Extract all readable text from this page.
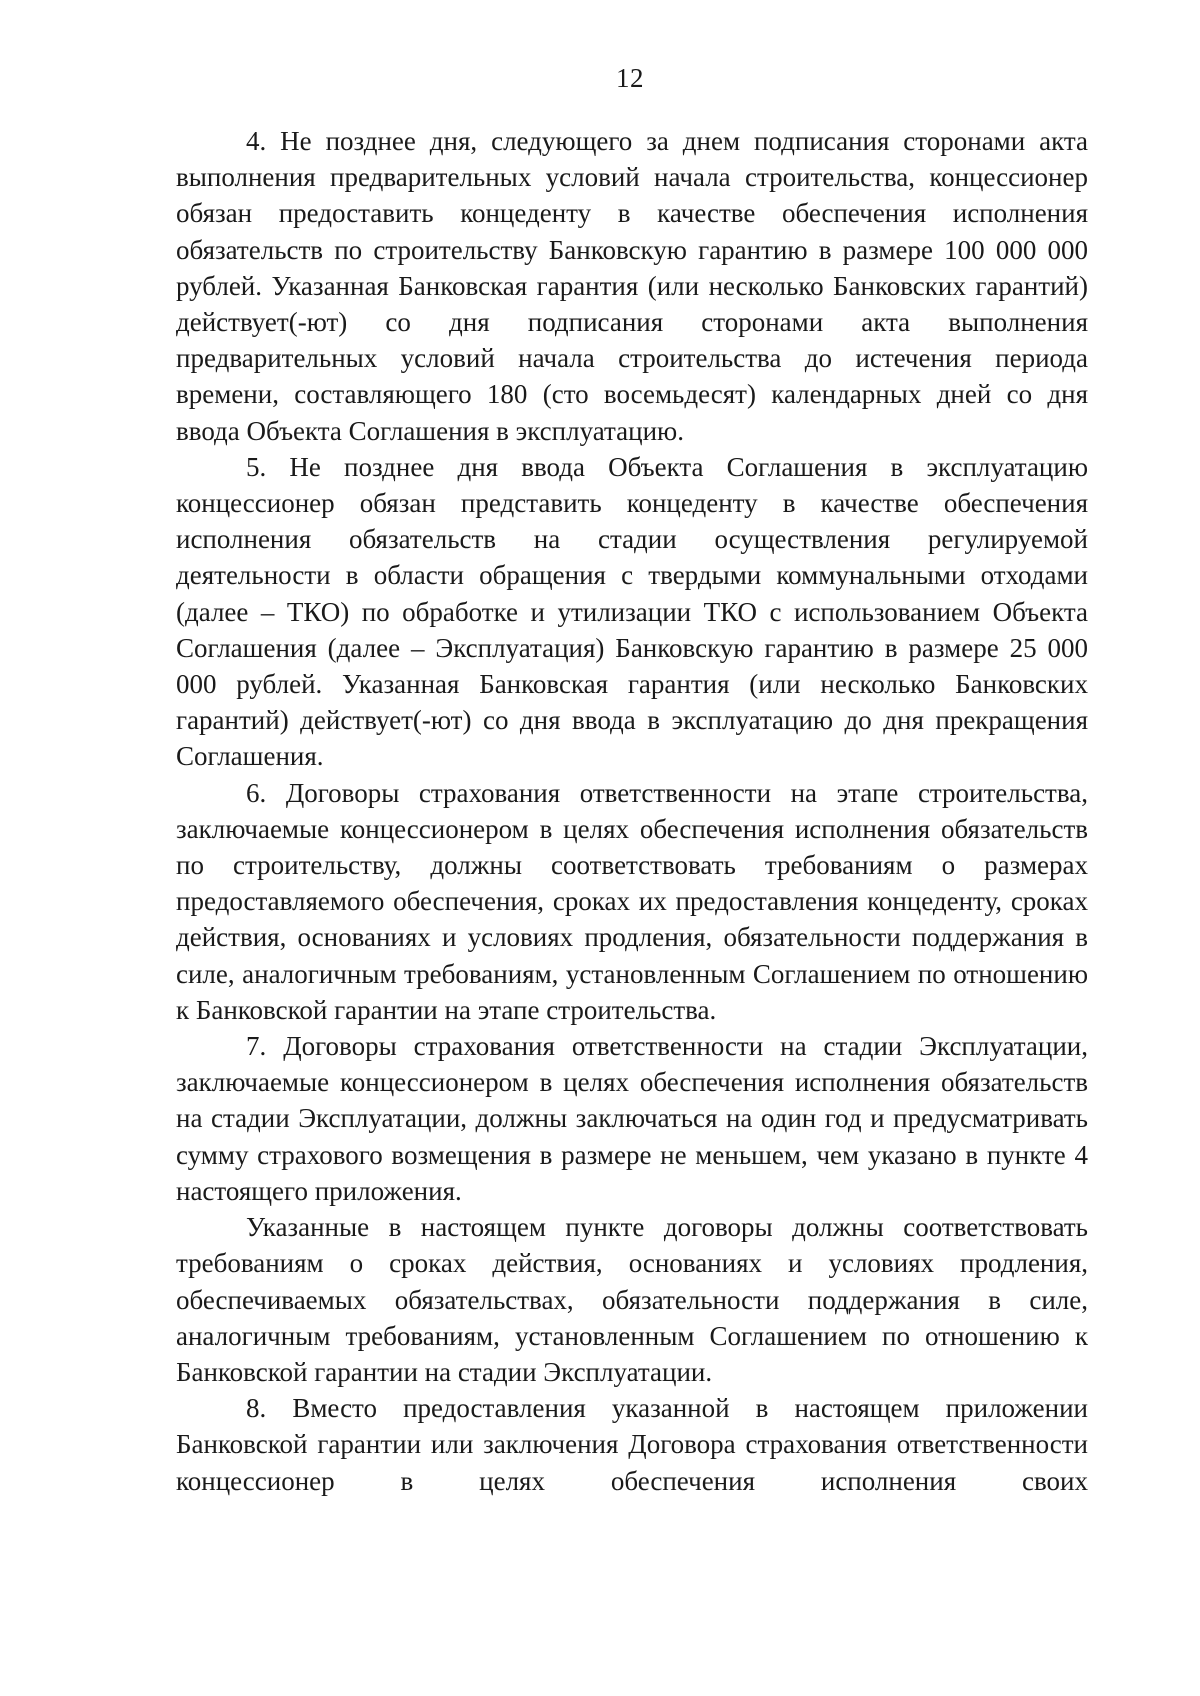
12

4. Не позднее дня, следующего за днем подписания сторонами акта выполнения предварительных условий начала строительства, концессионер обязан предоставить концеденту в качестве обеспечения исполнения обязательств по строительству Банковскую гарантию в размере 100 000 000 рублей. Указанная Банковская гарантия (или несколько Банковских гарантий) действует(-ют) со дня подписания сторонами акта выполнения предварительных условий начала строительства до истечения периода времени, составляющего 180 (сто восемьдесят) календарных дней со дня ввода Объекта Соглашения в эксплуатацию.

5. Не позднее дня ввода Объекта Соглашения в эксплуатацию концессионер обязан представить концеденту в качестве обеспечения исполнения обязательств на стадии осуществления регулируемой деятельности в области обращения с твердыми коммунальными отходами (далее – ТКО) по обработке и утилизации ТКО с использованием Объекта Соглашения (далее – Эксплуатация) Банковскую гарантию в размере 25 000 000 рублей. Указанная Банковская гарантия (или несколько Банковских гарантий) действует(-ют) со дня ввода в эксплуатацию до дня прекращения Соглашения.

6. Договоры страхования ответственности на этапе строительства, заключаемые концессионером в целях обеспечения исполнения обязательств по строительству, должны соответствовать требованиям о размерах предоставляемого обеспечения, сроках их предоставления концеденту, сроках действия, основаниях и условиях продления, обязательности поддержания в силе, аналогичным требованиям, установленным Соглашением по отношению к Банковской гарантии на этапе строительства.

7. Договоры страхования ответственности на стадии Эксплуатации, заключаемые концессионером в целях обеспечения исполнения обязательств на стадии Эксплуатации, должны заключаться на один год и предусматривать сумму страхового возмещения в размере не меньшем, чем указано в пункте 4 настоящего приложения.

Указанные в настоящем пункте договоры должны соответствовать требованиям о сроках действия, основаниях и условиях продления, обеспечиваемых обязательствах, обязательности поддержания в силе, аналогичным требованиям, установленным Соглашением по отношению к Банковской гарантии на стадии Эксплуатации.

8. Вместо предоставления указанной в настоящем приложении Банковской гарантии или заключения Договора страхования ответственности концессионер в целях обеспечения исполнения своих
